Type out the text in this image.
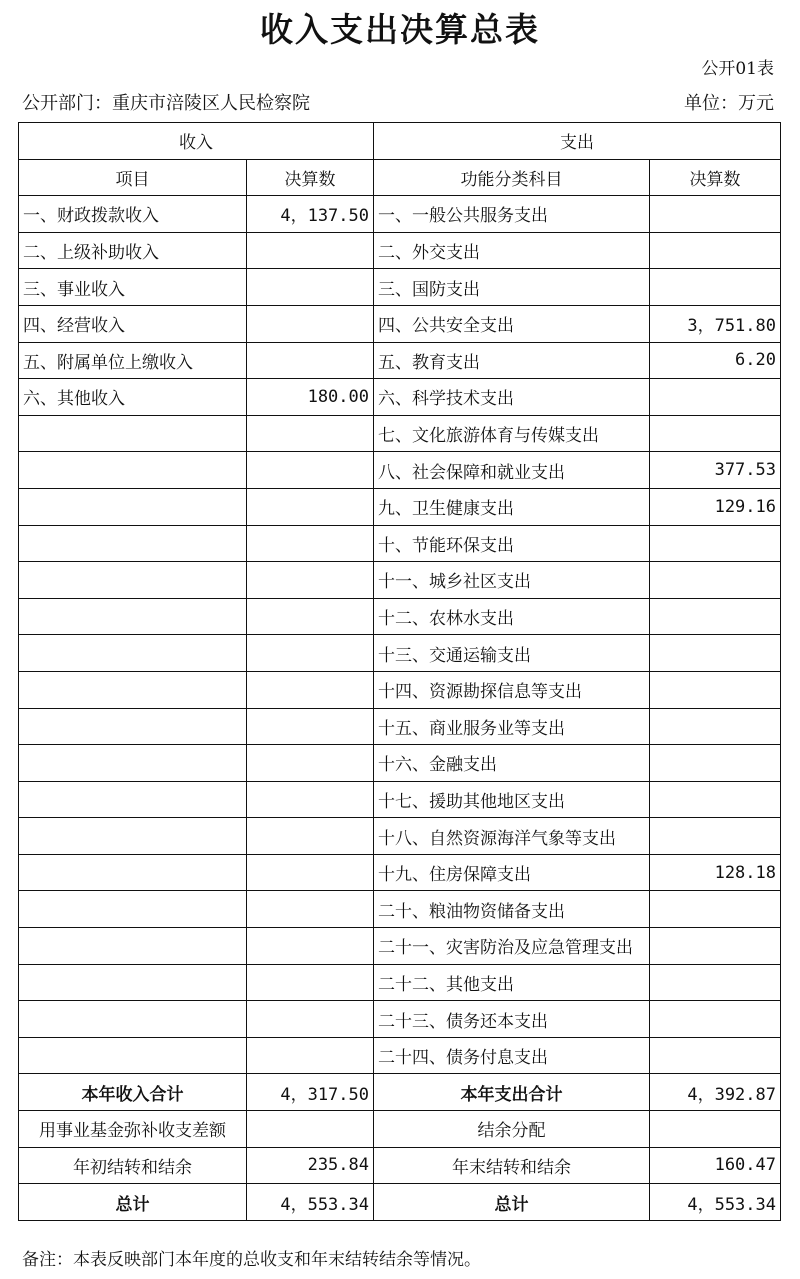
收入支出决算总表
公开01表
公开部门：重庆市涪陵区人民检察院	单位：万元
收入		支出	
项目	决算数	功能分类科目	决算数
一、财政拨款收入	4，137.50	一、一般公共服务支出	
二、上级补助收入		二、外交支出	
三、事业收入		三、国防支出	
四、经营收入		四、公共安全支出	3，751.80
五、附属单位上缴收入		五、教育支出	6.20
六、其他收入	180.00	六、科学技术支出	
		七、文化旅游体育与传媒支出	
		八、社会保障和就业支出	377.53
		九、卫生健康支出	129.16
		十、节能环保支出	
		十一、城乡社区支出	
		十二、农林水支出	
		十三、交通运输支出	
		十四、资源勘探信息等支出	
		十五、商业服务业等支出	
		十六、金融支出	
		十七、援助其他地区支出	
		十八、自然资源海洋气象等支出	
		十九、住房保障支出	128.18
		二十、粮油物资储备支出	
		二十一、灾害防治及应急管理支出	
		二十二、其他支出	
		二十三、债务还本支出	
		二十四、债务付息支出	
本年收入合计	4，317.50	本年支出合计	4，392.87
用事业基金弥补收支差额		结余分配	
年初结转和结余	235.84	年末结转和结余	160.47
总计	4，553.34	总计	4，553.34
备注：本表反映部门本年度的总收支和年末结转结余等情况。
